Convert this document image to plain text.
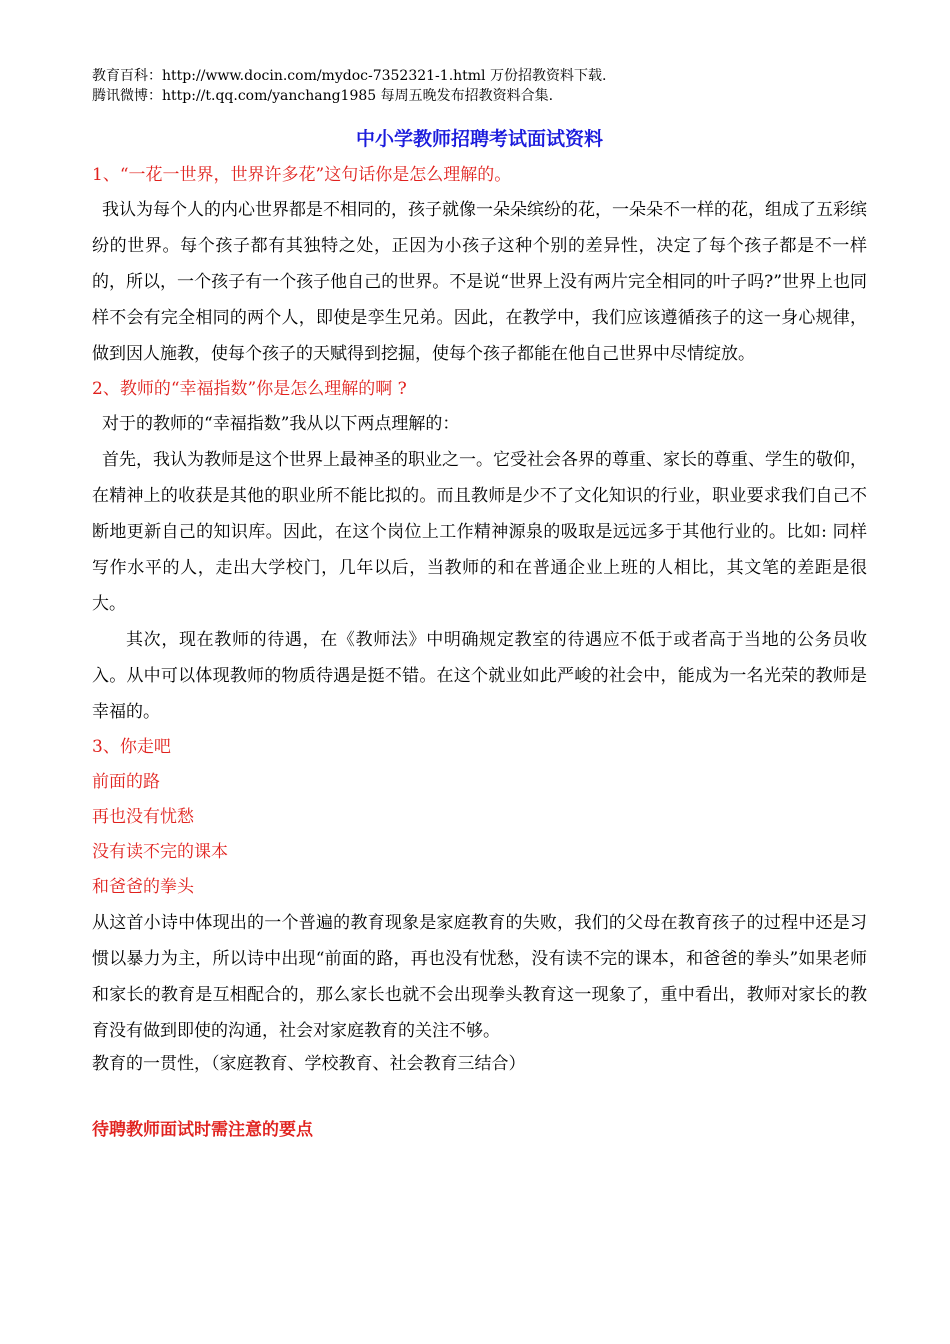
教育百科：http://www.docin.com/mydoc-7352321-1.html 万份招教资料下载.

腾讯微博：http://t.qq.com/yanchang1985 每周五晚发布招教资料合集.

中小学教师招聘考试面试资料

1、“一花一世界，世界许多花”这句话你是怎么理解的。

我认为每个人的内心世界都是不相同的，孩子就像一朵朵缤纷的花，一朵朵不一样的花，组成了五彩缤纷的世界。每个孩子都有其独特之处，正因为小孩子这种个别的差异性，决定了每个孩子都是不一样的，所以，一个孩子有一个孩子他自己的世界。不是说“世界上没有两片完全相同的叶子吗?”世界上也同样不会有完全相同的两个人，即使是孪生兄弟。因此，在教学中，我们应该遵循孩子的这一身心规律，做到因人施教，使每个孩子的天赋得到挖掘，使每个孩子都能在他自己世界中尽情绽放。

2、教师的“幸福指数”你是怎么理解的啊 ?

对于的教师的“幸福指数”我从以下两点理解的：

首先，我认为教师是这个世界上最神圣的职业之一。它受社会各界的尊重、家长的尊重、学生的敬仰，在精神上的收获是其他的职业所不能比拟的。而且教师是少不了文化知识的行业，职业要求我们自己不断地更新自己的知识库。因此，在这个岗位上工作精神源泉的吸取是远远多于其他行业的。比如: 同样写作水平的人，走出大学校门，几年以后，当教师的和在普通企业上班的人相比，其文笔的差距是很大。

其次，现在教师的待遇，在《教师法》中明确规定教室的待遇应不低于或者高于当地的公务员收入。从中可以体现教师的物质待遇是挺不错。在这个就业如此严峻的社会中，能成为一名光荣的教师是幸福的。

3、你走吧

前面的路

再也没有忧愁

没有读不完的课本

和爸爸的拳头

从这首小诗中体现出的一个普遍的教育现象是家庭教育的失败，我们的父母在教育孩子的过程中还是习惯以暴力为主，所以诗中出现“前面的路，再也没有忧愁，没有读不完的课本，和爸爸的拳头”如果老师和家长的教育是互相配合的，那么家长也就不会出现拳头教育这一现象了，重中看出，教师对家长的教育没有做到即使的沟通，社会对家庭教育的关注不够。

教育的一贯性，（家庭教育、学校教育、社会教育三结合）

待聘教师面试时需注意的要点
